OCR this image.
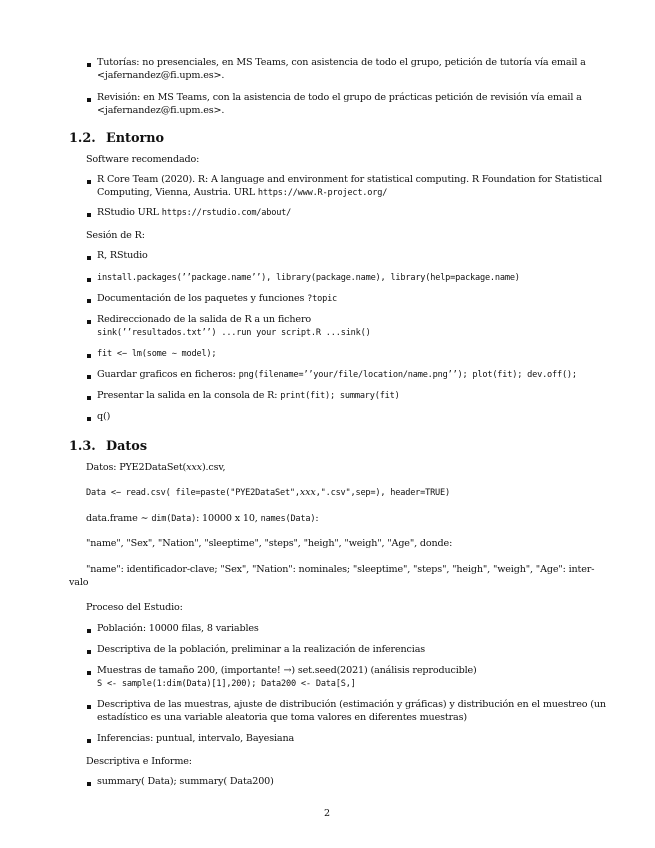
Tutorías: no presenciales, en MS Teams, con asistencia de todo el grupo, petición de tutoría vía email a
<jafernandez@fi.upm.es>.
Revisión: en MS Teams, con la asistencia de todo el grupo de prácticas petición de revisión vía email a
<jafernandez@fi.upm.es>.
1.2. Entorno
Software recomendado:
R Core Team (2020). R: A language and environment for statistical computing. R Foundation for Statistical
Computing, Vienna, Austria. URL https://www.R-project.org/
RStudio URL https://rstudio.com/about/
Sesión de R:
R, RStudio
install.packages(’’package.name’’), library(package.name), library(help=package.name)
Documentación de los paquetes y funciones ?topic
Redireccionado de la salida de R a un fichero
sink(’’resultados.txt’’) ...run your script.R ...sink()
fit <− lm(some ∼ model);
Guardar graficos en ficheros: png(filename=’’your/file/location/name.png’’); plot(fit); dev.off();
Presentar la salida en la consola de R: print(fit); summary(fit)
q()
1.3. Datos
Datos: PYE2DataSet(xxx).csv,
Data <− read.csv( file=paste("PYE2DataSet",xxx,".csv",sep=), header=TRUE)
data.frame ∼ dim(Data): 10000 x 10, names(Data):
"name", "Sex", "Nation", "sleeptime", "steps", "heigh", "weigh", "Age", donde:
"name": identificador-clave; "Sex", "Nation": nominales; "sleeptime", "steps", "heigh", "weigh", "Age": inter-
valo
Proceso del Estudio:
Población: 10000 filas, 8 variables
Descriptiva de la población, preliminar a la realización de inferencias
Muestras de tamaño 200, (importante! →) set.seed(2021) (análisis reproducible)
S <- sample(1:dim(Data)[1],200); Data200 <- Data[S,]
Descriptiva de las muestras, ajuste de distribución (estimación y gráficas) y distribución en el muestreo (un
estadístico es una variable aleatoria que toma valores en diferentes muestras)
Inferencias: puntual, intervalo, Bayesiana
Descriptiva e Informe:
summary( Data); summary( Data200)
2
